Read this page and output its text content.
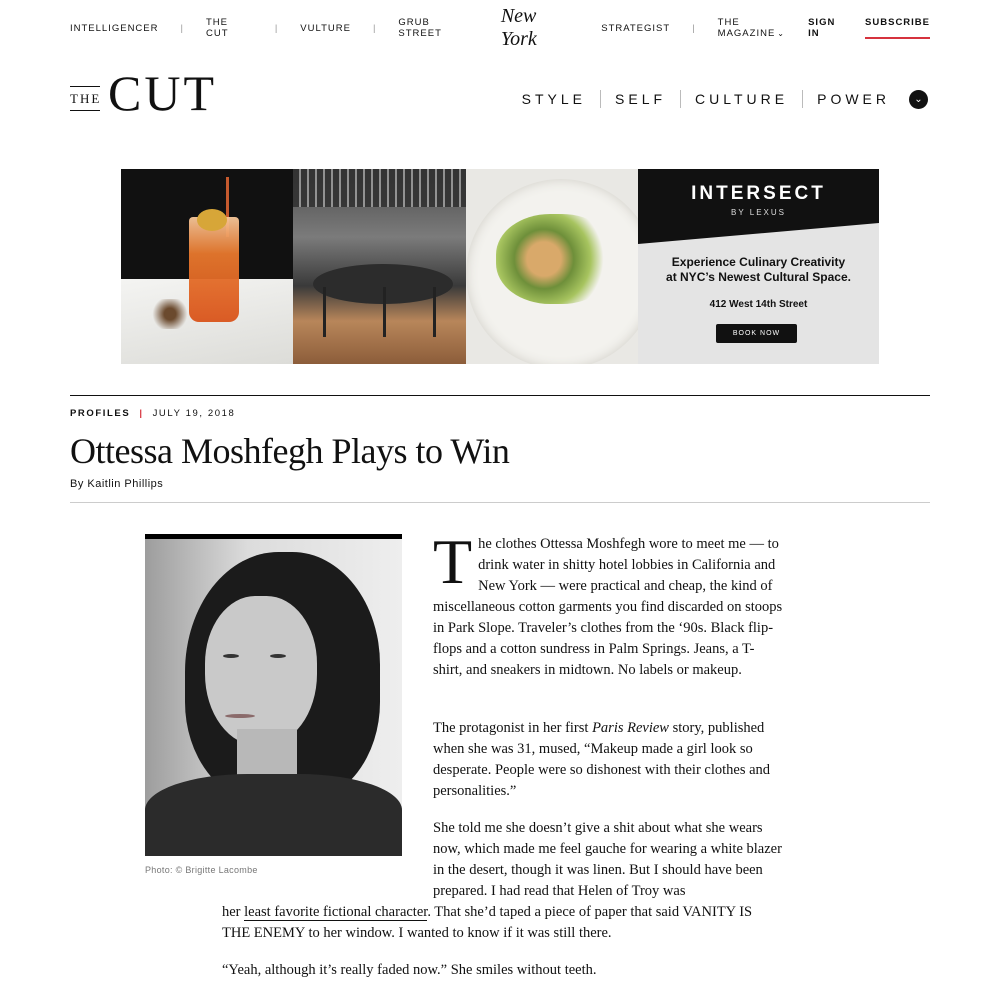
INTELLIGENCER | THE CUT	| VULTURE | GRUB STREET
New York	STRATEGIST | THE MAGAZINE ⌄
SIGN IN
SUBSCRIBE
THE CUT	STYLE SELF CULTURE POWER ⌄
INTERSECT
BY LEXUS
Experience Culinary Creativity
at NYC’s Newest Cultural Space.
412 West 14th Street
BOOK NOW
PROFILES | JULY 19, 2018
Ottessa Moshfegh Plays to Win
By Kaitlin Phillips
Photo: © Brigitte Lacombe
T he clothes Ottessa Moshfegh wore to meet me — to drink water in shitty hotel lobbies in California and New York — were practical and cheap, the kind of miscellaneous cotton garments you find discarded on stoops in Park Slope. Traveler’s clothes from the ‘90s. Black flip-flops and a cotton sundress in Palm Springs. Jeans, a T-shirt, and sneakers in midtown. No labels or makeup.
The protagonist in her first Paris Review story, published when she was 31, mused, “Makeup made a girl look so desperate. People were so dishonest with their clothes and personalities.”
She told me she doesn’t give a shit about what she wears now, which made me feel gauche for wearing a white blazer in the desert, though it was linen. But I should have been prepared. I had read that Helen of Troy was
her least favorite fictional character. That she’d taped a piece of paper that said VANITY IS THE ENEMY to her window. I wanted to know if it was still there.
“Yeah, although it’s really faded now.” She smiles without teeth.
